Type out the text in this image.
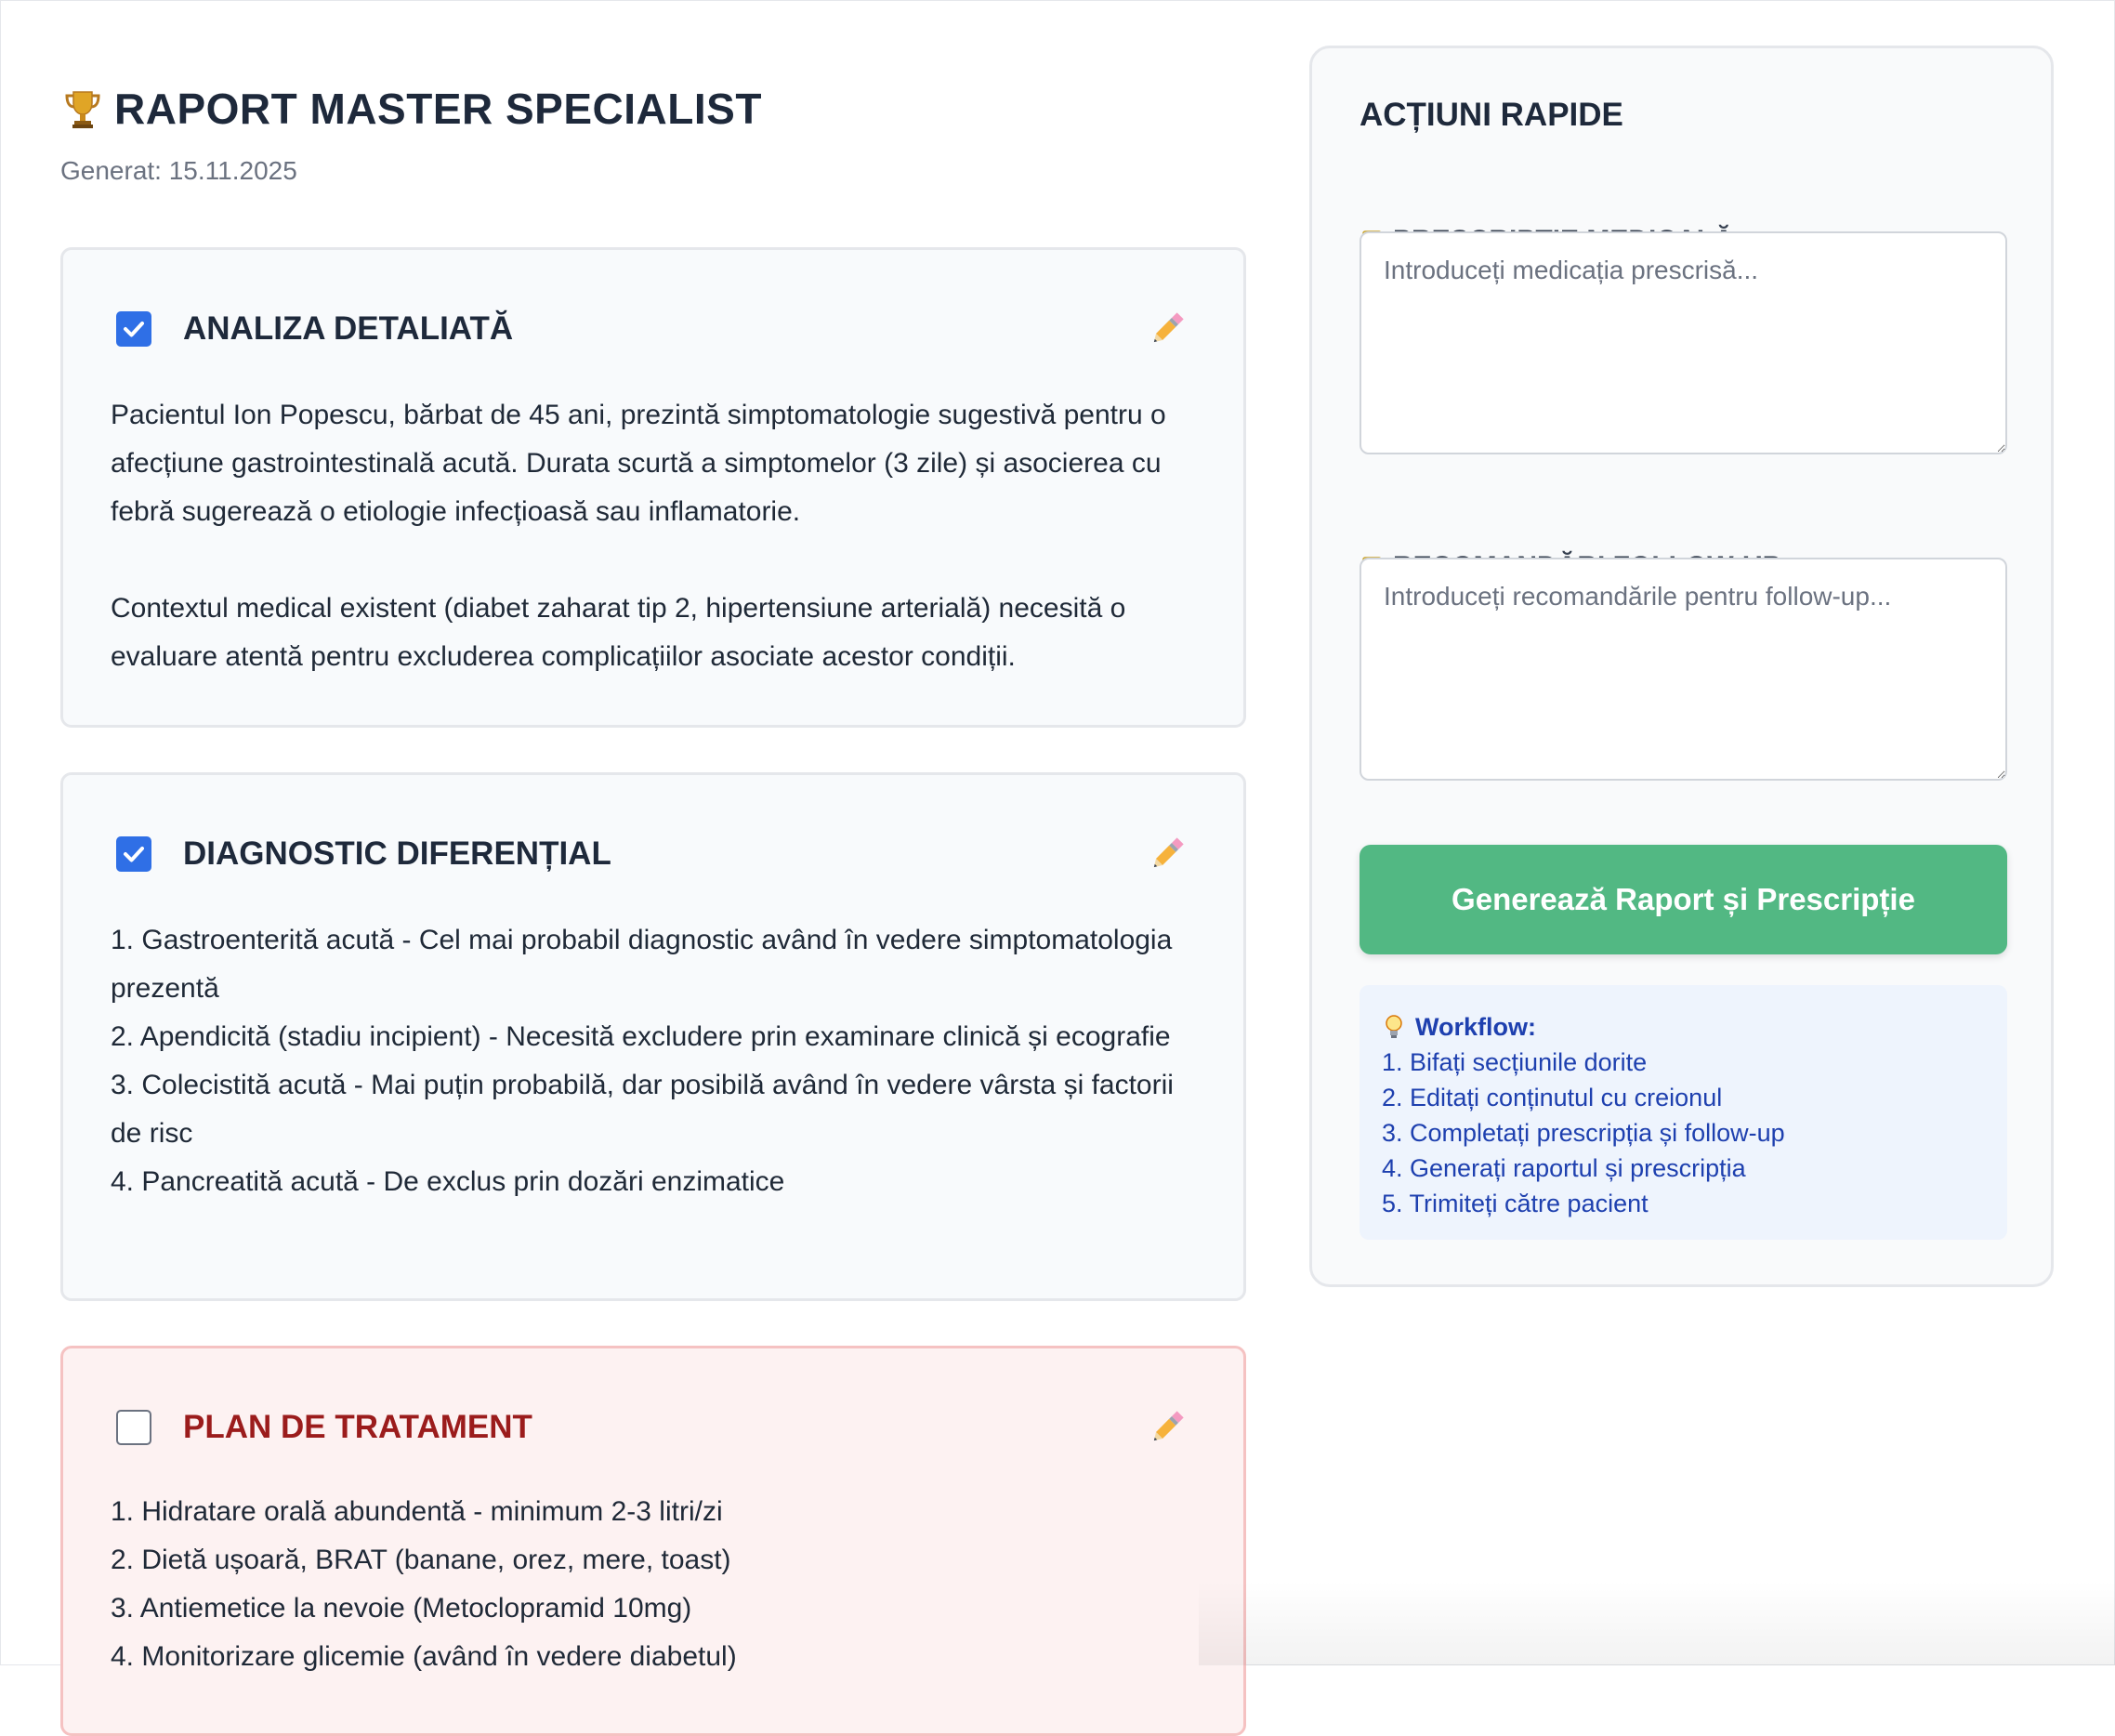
RAPORT MASTER SPECIALIST
Generat: 15.11.2025
ANALIZA DETALIATĂ

Pacientul Ion Popescu, bărbat de 45 ani, prezintă simptomatologie sugestivă pentru o afecțiune gastrointestinală acută. Durata scurtă a simptomelor (3 zile) și asocierea cu febră sugerează o etiologie infecțioasă sau inflamatorie.

Contextul medical existent (diabet zaharat tip 2, hipertensiune arterială) necesită o evaluare atentă pentru excluderea complicațiilor asociate acestor condiții.

DIAGNOSTIC DIFERENȚIAL

1. Gastroenterită acută - Cel mai probabil diagnostic având în vedere simptomatologia prezentă

2. Apendicită (stadiu incipient) - Necesită excludere prin examinare clinică și ecografie

3. Colecistită acută - Mai puțin probabilă, dar posibilă având în vedere vârsta și factorii de risc

4. Pancreatită acută - De exclus prin dozări enzimatice

PLAN DE TRATAMENT

1. Hidratare orală abundentă - minimum 2-3 litri/zi

2. Dietă ușoară, BRAT (banane, orez, mere, toast)

3. Antiemetice la nevoie (Metoclopramid 10mg)

4. Monitorizare glicemie (având în vedere diabetul)

ACȚIUNI RAPIDE
Introduceți medicația prescrisă...
Introduceți recomandările pentru follow-up...
Generează Raport și Prescripție
Workflow:
1. Bifați secțiunile dorite
2. Editați conținutul cu creionul
3. Completați prescripția și follow-up
4. Generați raportul și prescripția
5. Trimiteți către pacient
